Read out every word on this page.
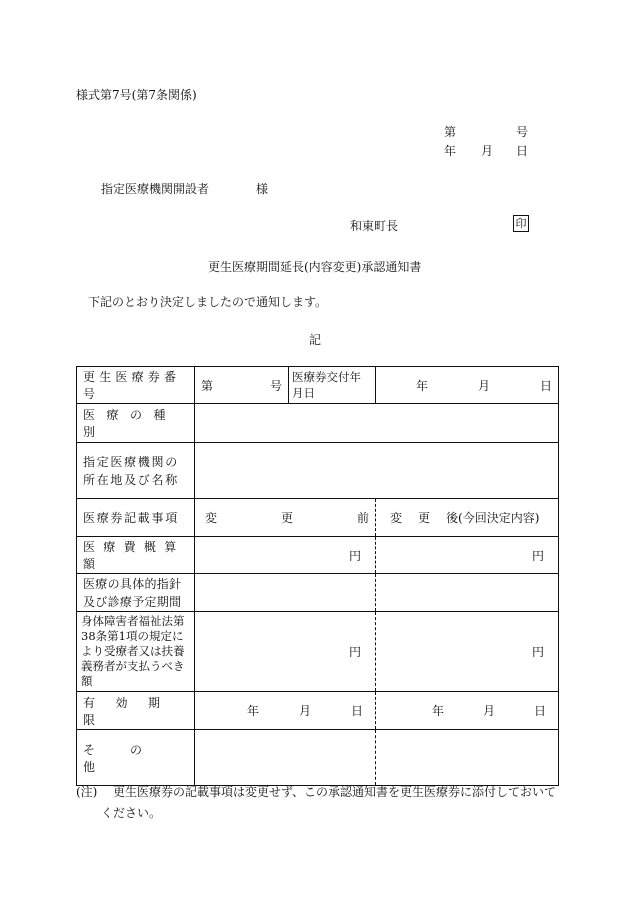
様式第7号(第7条関係)
第	号
年 月 日
指定医療機関開設者	様
和東町長	印
更生医療期間延長(内容変更)承認通知書
下記のとおり決定しましたので通知します。
記
更生医療券番号	第 号	医療券交付年月日	年 月 日

医療の種別			

指定医療機関の
所在地及び名称			

医療券記載事項	変 更 前		変 更 後(今回決定内容)

医療費概算額	円		円

医療の具体的指針
及び診療予定期間			

身体障害者福祉法第
38条第1項の規定に
より受療者又は扶養
義務者が支払うべき
額	円		円
有効期限	年 月 日		年 月 日

その他			
(注) 更生医療券の記載事項は変更せず、この承認通知書を更生医療券に添付しておいて
ください。
